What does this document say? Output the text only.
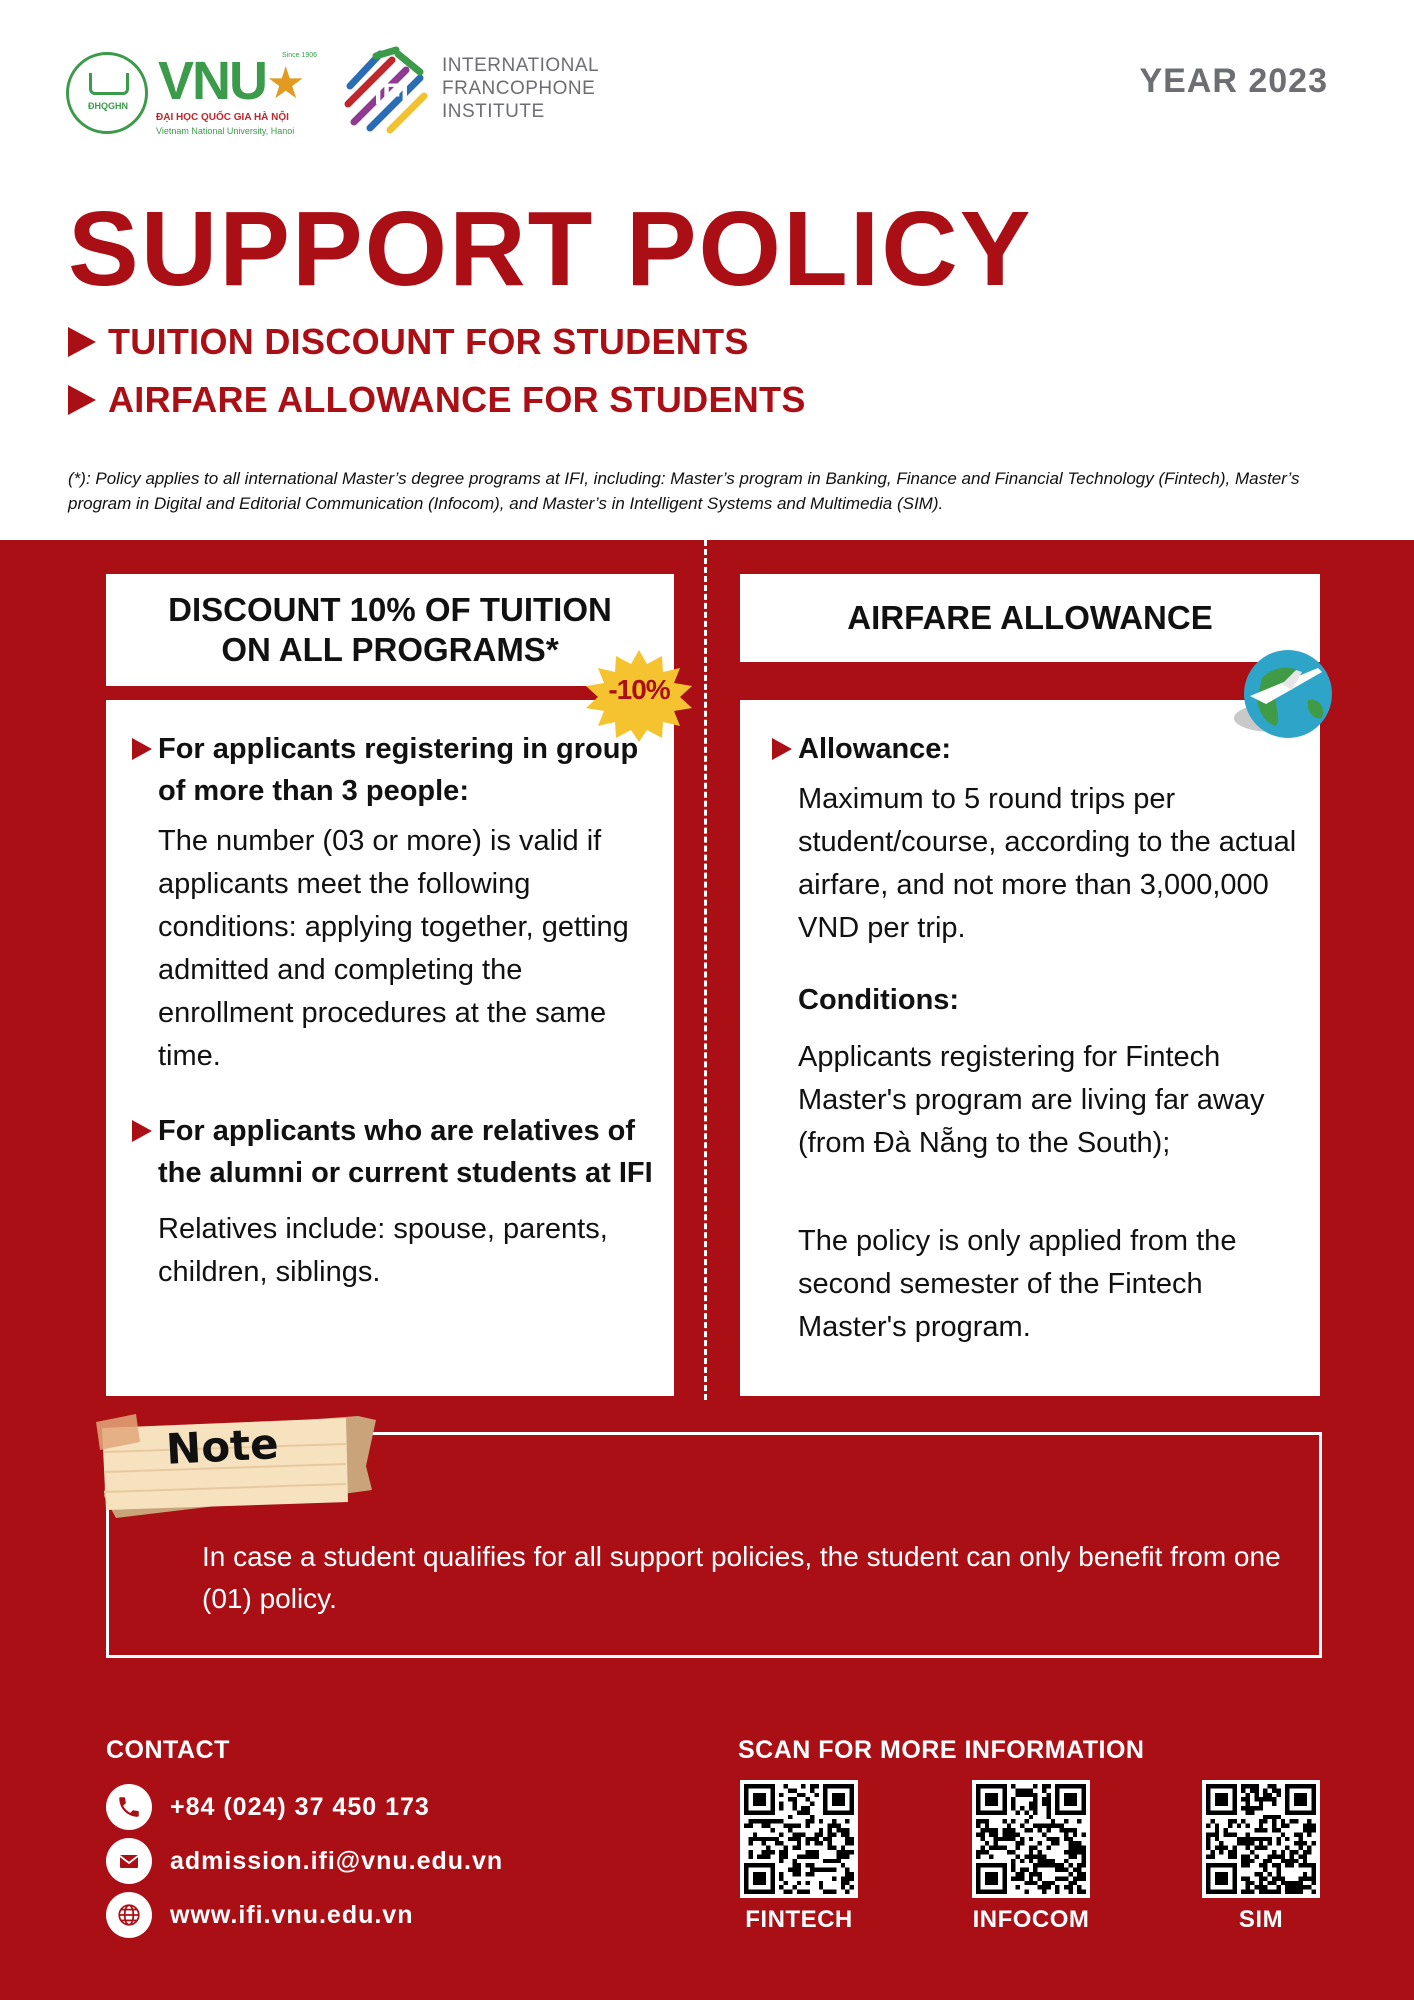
ĐHQGHN VNU Since 1906
★
ĐẠI HỌC QUỐC GIA HÀ NỘI
Vietnam National University, Hanoi
IFI
INTERNATIONAL
FRANCOPHONE
INSTITUTE
YEAR 2023
SUPPORT POLICY
TUITION DISCOUNT FOR STUDENTS
AIRFARE ALLOWANCE FOR STUDENTS
(*): Policy applies to all international Master’s degree programs at IFI, including: Master’s program in Banking, Finance and Financial Technology (Fintech), Master’s program in Digital and Editorial Communication (Infocom), and Master’s in Intelligent Systems and Multimedia (SIM).
DISCOUNT 10% OF TUITION
ON ALL PROGRAMS*
-10%
For applicants registering in group of more than 3 people:
The number (03 or more) is valid if applicants meet the following conditions: applying together, getting admitted and completing the enrollment procedures at the same time.
For applicants who are relatives of the alumni or current students at IFI
Relatives include: spouse, parents, children, siblings.
AIRFARE ALLOWANCE
Allowance:
Maximum to 5 round trips per student/course, according to the actual airfare, and not more than 3,000,000 VND per trip.
Conditions:
Applicants registering for Fintech Master's program are living far away (from Đà Nẵng to the South);
The policy is only applied from the second semester of the Fintech Master's program.
Note
In case a student qualifies for all support policies, the student can only benefit from one (01) policy.
CONTACT
+84 (024) 37 450 173
admission.ifi@vnu.edu.vn
www.ifi.vnu.edu.vn
SCAN FOR MORE INFORMATION
FINTECH	INFOCOM	SIM
